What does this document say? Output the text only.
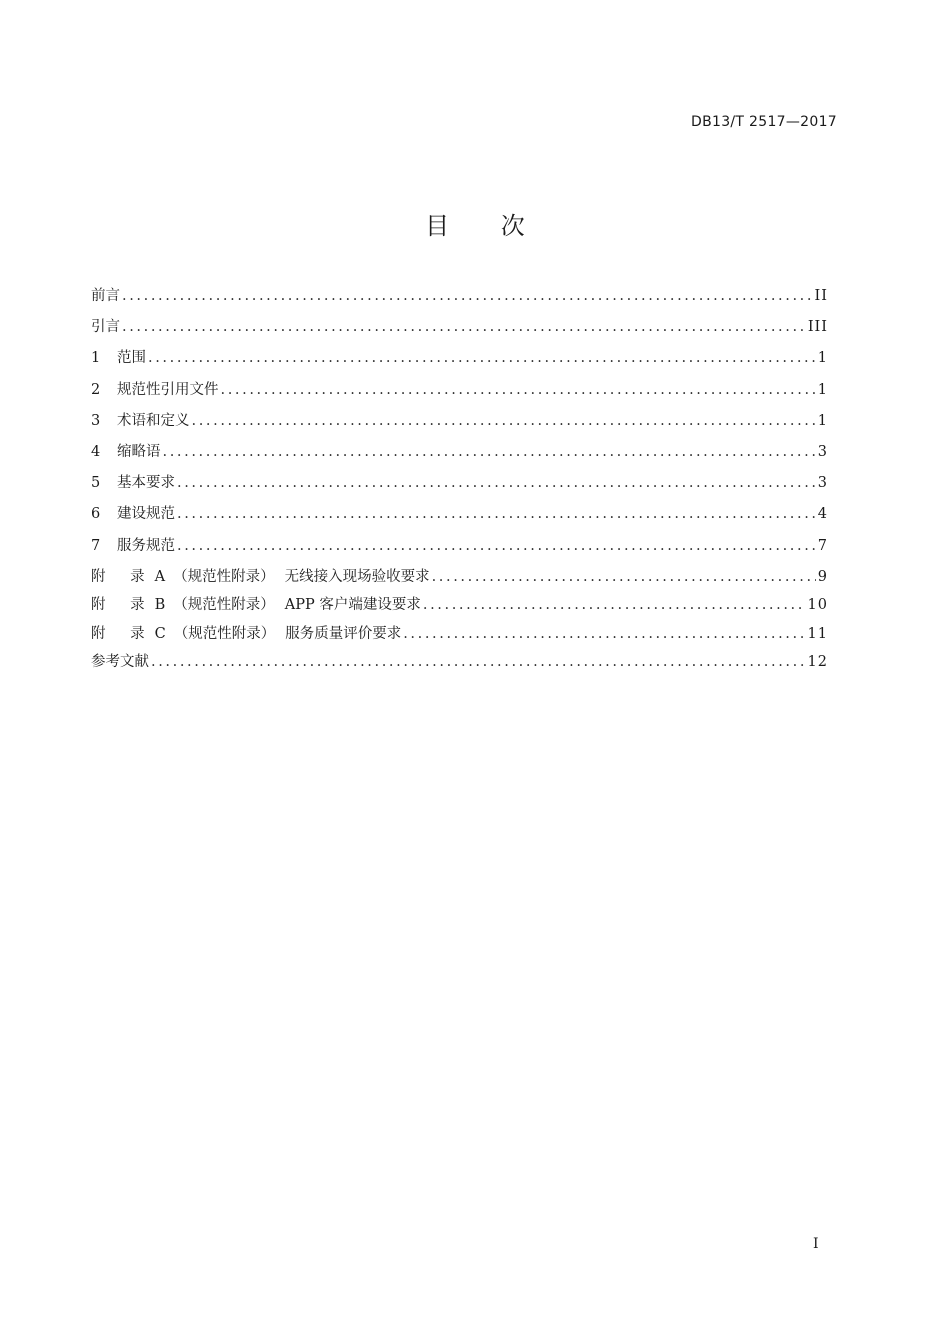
DB13/T 2517—2017
目 次
前言 .....	II
引言 .....	III
1	范围 .....	1
2	规范性引用文件 .....	1
3	术语和定义 .....	1
4	缩略语 .....	3
5	基本要求 .....	3
6	建设规范 .....	4
7	服务规范 .....	7
附 录 A （规范性附录） 无线接入现场验收要求 .....	9
附 录 B （规范性附录） APP 客户端建设要求 .....	10
附 录 C （规范性附录） 服务质量评价要求 .....	11
参考文献 .....	12
I
